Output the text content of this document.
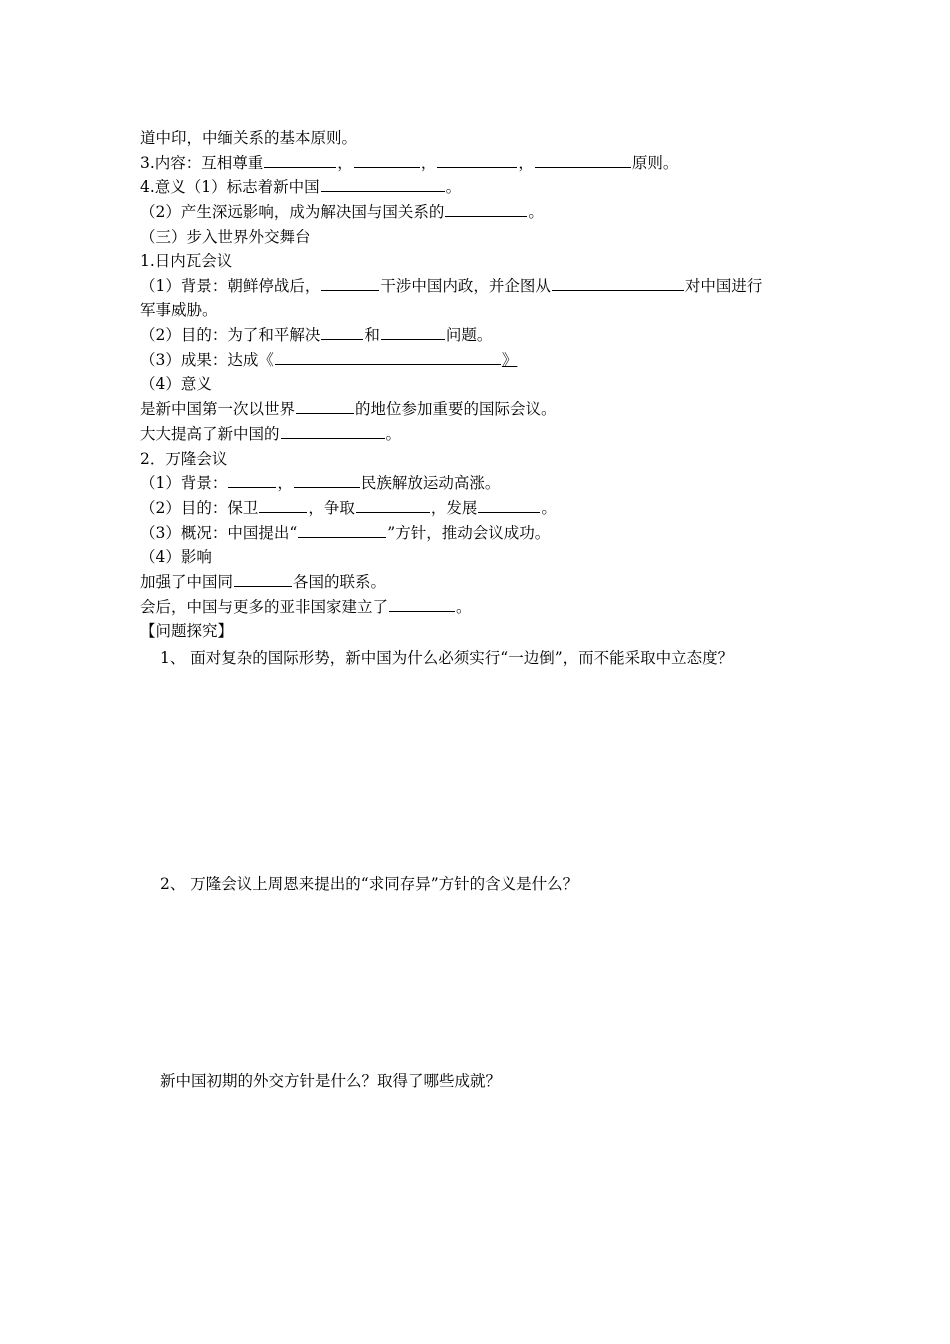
道中印，中缅关系的基本原则。
3.内容：互相尊重	，	，	，	原则。
4.意义（1）标志着新中国	。
（2）产生深远影响，成为解决国与国关系的	。
（三）步入世界外交舞台
1.日内瓦会议
（1）背景：朝鲜停战后，	干涉中国内政，并企图从	对中国进行
军事威胁。
（2）目的：为了和平解决	和	问题。
（3）成果：达成《	》
（4）意义
是新中国第一次以世界	的地位参加重要的国际会议。
大大提高了新中国的	。
2．万隆会议
（1）背景：	，	民族解放运动高涨。
（2）目的：保卫	，争取	，发展	。
（3）概况：中国提出“	”方针，推动会议成功。
（4）影响
加强了中国同	各国的联系。
会后，中国与更多的亚非国家建立了	。
【问题探究】
1、 面对复杂的国际形势，新中国为什么必须实行“一边倒”，而不能采取中立态度？
2、 万隆会议上周恩来提出的“求同存异”方针的含义是什么？
新中国初期的外交方针是什么？取得了哪些成就？
